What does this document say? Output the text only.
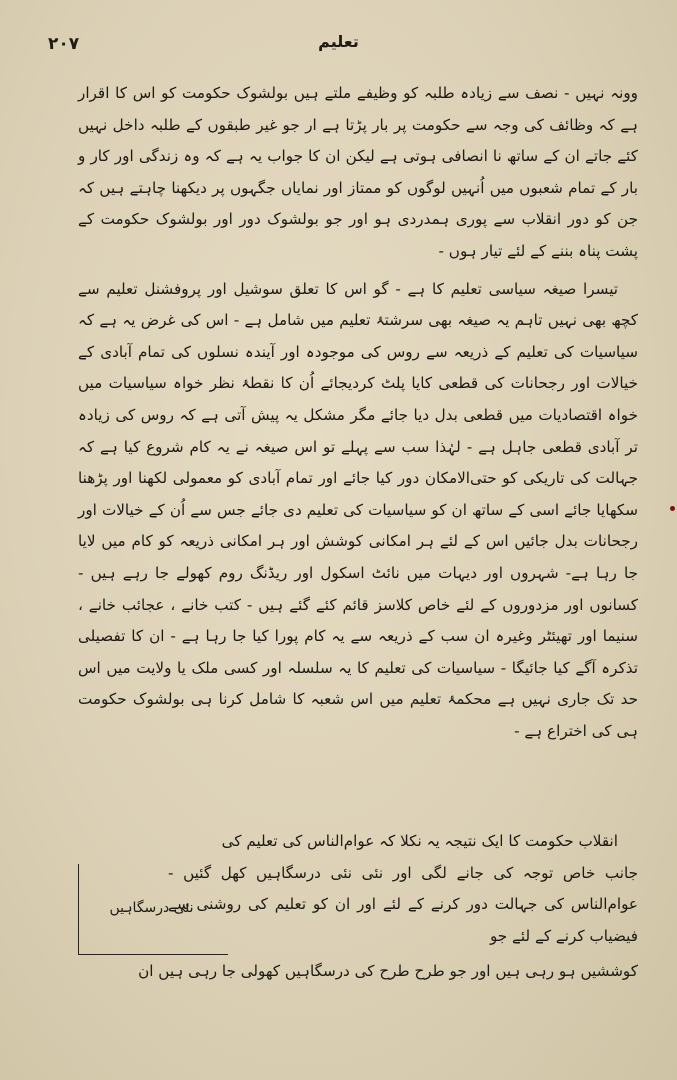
۲۰۷	تعلیم

وونہ نہیں - نصف سے زیادہ طلبہ کو وظیفے ملتے ہیں بولشوک حکومت کو اس کا اقرار ہے کہ وظائف کی وجہ سے حکومت پر بار پڑتا ہے ار جو غیر طبقوں کے طلبہ داخل نہیں کئے جاتے ان کے ساتھ نا انصافی ہوتی ہے لیکن ان کا جواب یہ ہے کہ وہ زندگی اور کار و بار کے تمام شعبوں میں اُنہیں لوگوں کو ممتاز اور نمایاں جگہوں پر دیکھنا چاہتے ہیں کہ جن کو دور انقلاب سے پوری ہمدردی ہو اور جو بولشوک دور اور بولشوک حکومت کے پشت پناہ بننے کے لئے تیار ہوں -

تیسرا صیغہ سیاسی تعلیم کا ہے - گو اس کا تعلق سوشیل اور پروفشنل تعلیم سے کچھ بھی نہیں تاہم یہ صیغہ بھی سرشتۂ تعلیم میں شامل ہے - اس کی غرض یہ ہے کہ سیاسیات کی تعلیم کے ذریعہ سے روس کی موجودہ اور آیندہ نسلوں کی تمام آبادی کے خیالات اور رجحانات کی قطعی کایا پلٹ کردیجائے اُن کا نقطۂ نظر خواہ سیاسیات میں خواہ اقتصادیات میں قطعی بدل دیا جائے مگر مشکل یہ پیش آتی ہے کہ روس کی زیادہ تر آبادی قطعی جاہل ہے - لہٰذا سب سے پہلے تو اس صیغہ نے یہ کام شروع کیا ہے کہ جہالت کی تاریکی کو حتی‌الامکان دور کیا جائے اور تمام آبادی کو معمولی لکھنا اور پڑھنا سکھایا جائے اسی کے ساتھ ان کو سیاسیات کی تعلیم دی جائے جس سے اُن کے خیالات اور رجحانات بدل جائیں اس کے لئے ہر امکانی کوشش اور ہر امکانی ذریعہ کو کام میں لایا جا رہا ہے- شہروں اور دیہات میں نائٹ اسکول اور ریڈنگ روم کھولے جا رہے ہیں - کسانوں اور مزدوروں کے لئے خاص کلاسز قائم کئے گئے ہیں - کتب خانے ، عجائب خانے ، سنیما اور تھیئٹر وغیرہ ان سب کے ذریعہ سے یہ کام پورا کیا جا رہا ہے - ان کا تفصیلی تذکرہ آگے کیا جائیگا - سیاسیات کی تعلیم کا یہ سلسلہ اور کسی ملک یا ولایت میں اس حد تک جاری نہیں ہے محکمۂ تعلیم میں اس شعبہ کا شامل کرنا ہی بولشوک حکومت ہی کی اختراع ہے -

انقلاب حکومت کا ایک نتیجہ یہ نکلا کہ عوام‌الناس کی تعلیم کی
جانب خاص توجہ کی جانے لگی اور نئی نئی درسگاہیں کھل گئیں - عوام‌الناس کی جہالت دور کرنے کے لئے اور ان کو تعلیم کی روشنی سے فیضیاب کرنے کے لئے جو
نئی درسگاہیں
کوششیں ہو رہی ہیں اور جو طرح طرح کی درسگاہیں کھولی جا رہی ہیں ان
